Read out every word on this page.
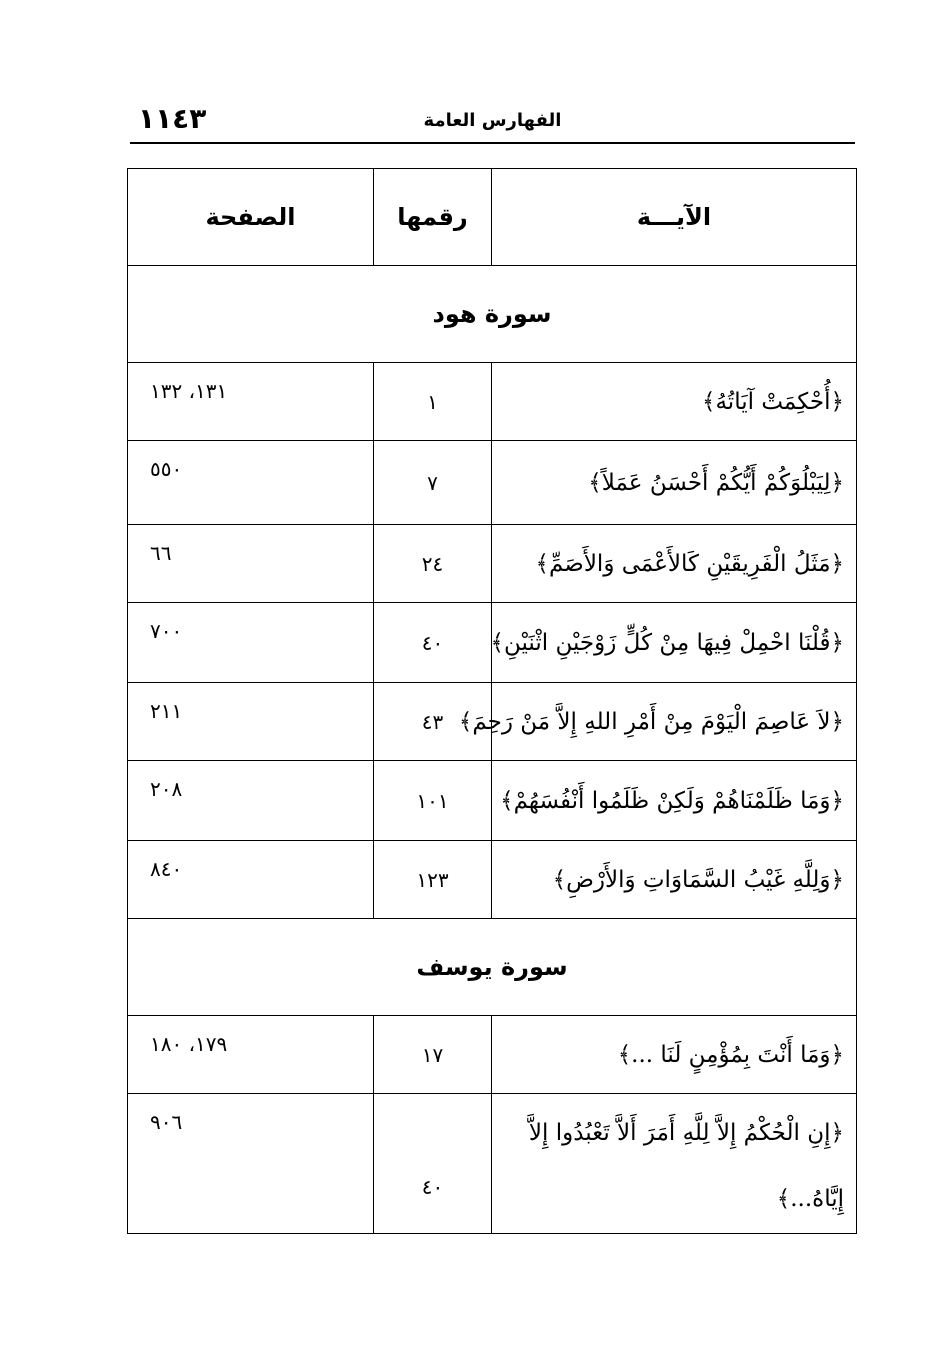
الفهارس العامة
١١٤٣
الآيـــة	رقمها	الصفحة
سورة هود		
﴿أُحْكِمَتْ آيَاتُهُ﴾	١	١٣١، ١٣٢
﴿لِيَبْلُوَكُمْ أَيُّكُمْ أَحْسَنُ عَمَلاً﴾	٧	٥٥٠
﴿مَثَلُ الْفَرِيقَيْنِ كَالأَعْمَى وَالأَصَمِّ﴾	٢٤	٦٦
﴿قُلْنَا احْمِلْ فِيهَا مِنْ كُلٍّ زَوْجَيْنِ اثْنَيْنِ﴾	٤٠	٧٠٠
﴿لاَ عَاصِمَ الْيَوْمَ مِنْ أَمْرِ اللهِ إِلاَّ مَنْ رَحِمَ﴾	٤٣	٢١١
﴿وَمَا ظَلَمْنَاهُمْ وَلَكِنْ ظَلَمُوا أَنْفُسَهُمْ﴾	١٠١	٢٠٨
﴿وَلِلَّهِ غَيْبُ السَّمَاوَاتِ وَالأَرْضِ﴾	١٢٣	٨٤٠
سورة يوسف		
﴿وَمَا أَنْتَ بِمُؤْمِنٍ لَنَا ...﴾	١٧	١٧٩، ١٨٠
﴿إِنِ الْحُكْمُ إِلاَّ لِلَّهِ أَمَرَ أَلاَّ تَعْبُدُوا إِلاَّ إِيَّاهُ...﴾	٤٠	٩٠٦
